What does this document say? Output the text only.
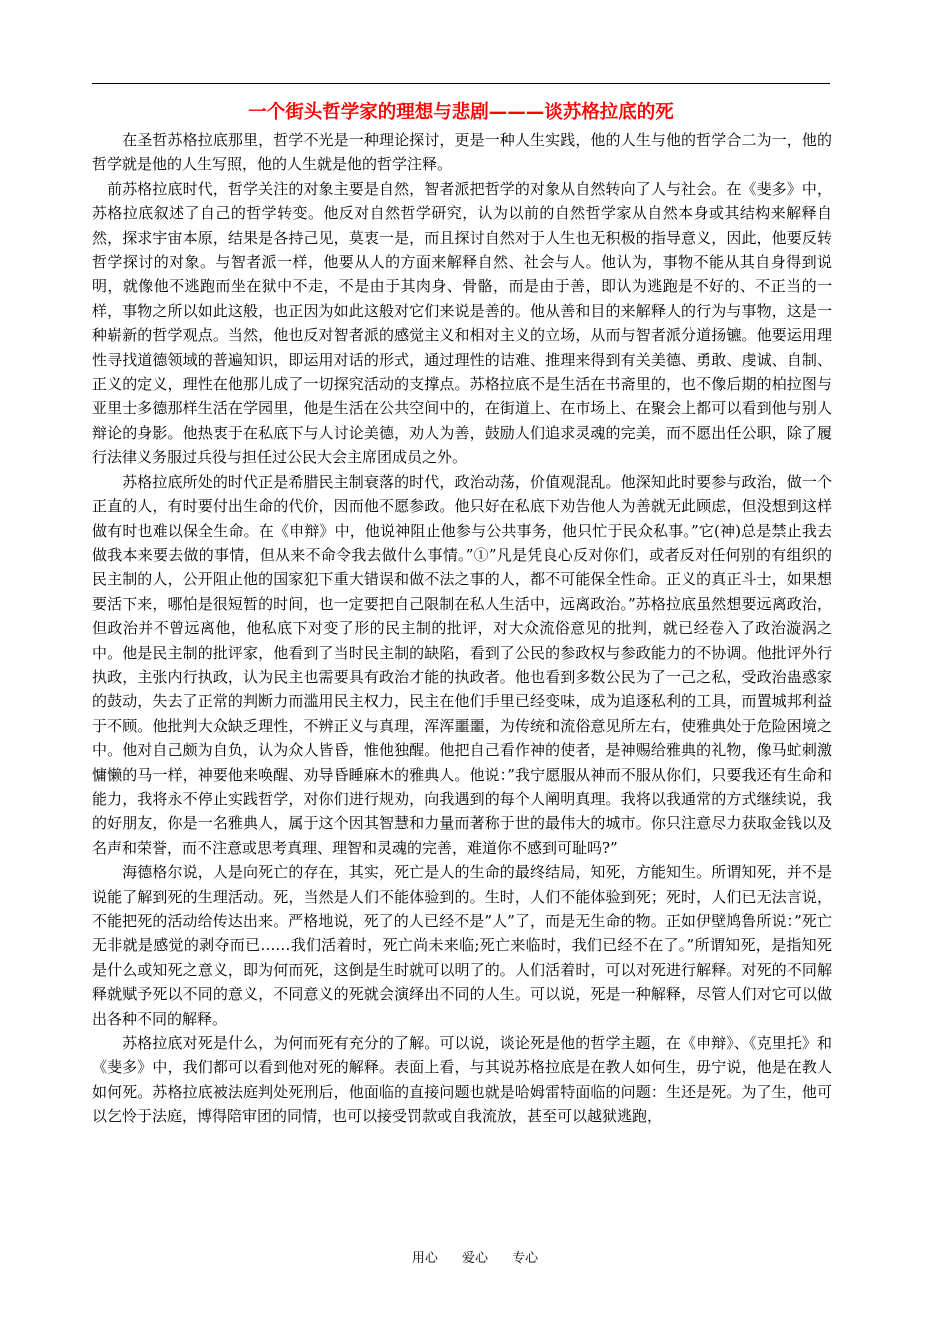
一个街头哲学家的理想与悲剧———谈苏格拉底的死

　　在圣哲苏格拉底那里，哲学不光是一种理论探讨，更是一种人生实践，他的人生与他的哲学合二为一，他的哲学就是他的人生写照，他的人生就是他的哲学注释。

　前苏格拉底时代，哲学关注的对象主要是自然，智者派把哲学的对象从自然转向了人与社会。在《斐多》中，苏格拉底叙述了自己的哲学转变。他反对自然哲学研究，认为以前的自然哲学家从自然本身或其结构来解释自然，探求宇宙本原，结果是各持己见，莫衷一是，而且探讨自然对于人生也无积极的指导意义，因此，他要反转哲学探讨的对象。与智者派一样，他要从人的方面来解释自然、社会与人。他认为，事物不能从其自身得到说明，就像他不逃跑而坐在狱中不走，不是由于其肉身、骨骼，而是由于善，即认为逃跑是不好的、不正当的一样，事物之所以如此这般，也正因为如此这般对它们来说是善的。他从善和目的来解释人的行为与事物，这是一种崭新的哲学观点。当然，他也反对智者派的感觉主义和相对主义的立场，从而与智者派分道扬镳。他要运用理性寻找道德领域的普遍知识，即运用对话的形式，通过理性的诘难、推理来得到有关美德、勇敢、虔诚、自制、正义的定义，理性在他那儿成了一切探究活动的支撑点。苏格拉底不是生活在书斋里的，也不像后期的柏拉图与亚里士多德那样生活在学园里，他是生活在公共空间中的，在街道上、在市场上、在聚会上都可以看到他与别人辩论的身影。他热衷于在私底下与人讨论美德，劝人为善，鼓励人们追求灵魂的完美，而不愿出任公职，除了履行法律义务服过兵役与担任过公民大会主席团成员之外。

　　苏格拉底所处的时代正是希腊民主制衰落的时代，政治动荡，价值观混乱。他深知此时要参与政治，做一个正直的人，有时要付出生命的代价，因而他不愿参政。他只好在私底下劝告他人为善就无此顾虑，但没想到这样做有时也难以保全生命。在《申辩》中，他说神阻止他参与公共事务，他只忙于民众私事。”它(神)总是禁止我去做我本来要去做的事情，但从来不命令我去做什么事情。”①”凡是凭良心反对你们，或者反对任何别的有组织的民主制的人，公开阻止他的国家犯下重大错误和做不法之事的人，都不可能保全性命。正义的真正斗士，如果想要活下来，哪怕是很短暂的时间，也一定要把自己限制在私人生活中，远离政治。”苏格拉底虽然想要远离政治，但政治并不曾远离他，他私底下对变了形的民主制的批评，对大众流俗意见的批判，就已经卷入了政治漩涡之中。他是民主制的批评家，他看到了当时民主制的缺陷，看到了公民的参政权与参政能力的不协调。他批评外行执政，主张内行执政，认为民主也需要具有政治才能的执政者。他也看到多数公民为了一己之私，受政治蛊惑家的鼓动，失去了正常的判断力而滥用民主权力，民主在他们手里已经变味，成为追逐私利的工具，而置城邦利益于不顾。他批判大众缺乏理性，不辨正义与真理，浑浑噩噩，为传统和流俗意见所左右，使雅典处于危险困境之中。他对自己颇为自负，认为众人皆昏，惟他独醒。他把自己看作神的使者，是神赐给雅典的礼物，像马虻刺激慵懒的马一样，神要他来唤醒、劝导昏睡麻木的雅典人。他说：”我宁愿服从神而不服从你们，只要我还有生命和能力，我将永不停止实践哲学，对你们进行规劝，向我遇到的每个人阐明真理。我将以我通常的方式继续说，我的好朋友，你是一名雅典人，属于这个因其智慧和力量而著称于世的最伟大的城市。你只注意尽力获取金钱以及名声和荣誉，而不注意或思考真理、理智和灵魂的完善，难道你不感到可耻吗?”

　　海德格尔说，人是向死亡的存在，其实，死亡是人的生命的最终结局，知死，方能知生。所谓知死，并不是说能了解到死的生理活动。死，当然是人们不能体验到的。生时，人们不能体验到死；死时，人们已无法言说，不能把死的活动给传达出来。严格地说，死了的人已经不是”人”了，而是无生命的物。正如伊壁鸠鲁所说：”死亡无非就是感觉的剥夺而已……我们活着时，死亡尚未来临;死亡来临时，我们已经不在了。”所谓知死，是指知死是什么或知死之意义，即为何而死，这倒是生时就可以明了的。人们活着时，可以对死进行解释。对死的不同解释就赋予死以不同的意义，不同意义的死就会演绎出不同的人生。可以说，死是一种解释，尽管人们对它可以做出各种不同的解释。

　　苏格拉底对死是什么，为何而死有充分的了解。可以说，谈论死是他的哲学主题，在《申辩》、《克里托》和《斐多》中，我们都可以看到他对死的解释。表面上看，与其说苏格拉底是在教人如何生，毋宁说，他是在教人如何死。苏格拉底被法庭判处死刑后，他面临的直接问题也就是哈姆雷特面临的问题：生还是死。为了生，他可以乞怜于法庭，博得陪审团的同情，也可以接受罚款或自我流放，甚至可以越狱逃跑，

用心 爱心 专心
